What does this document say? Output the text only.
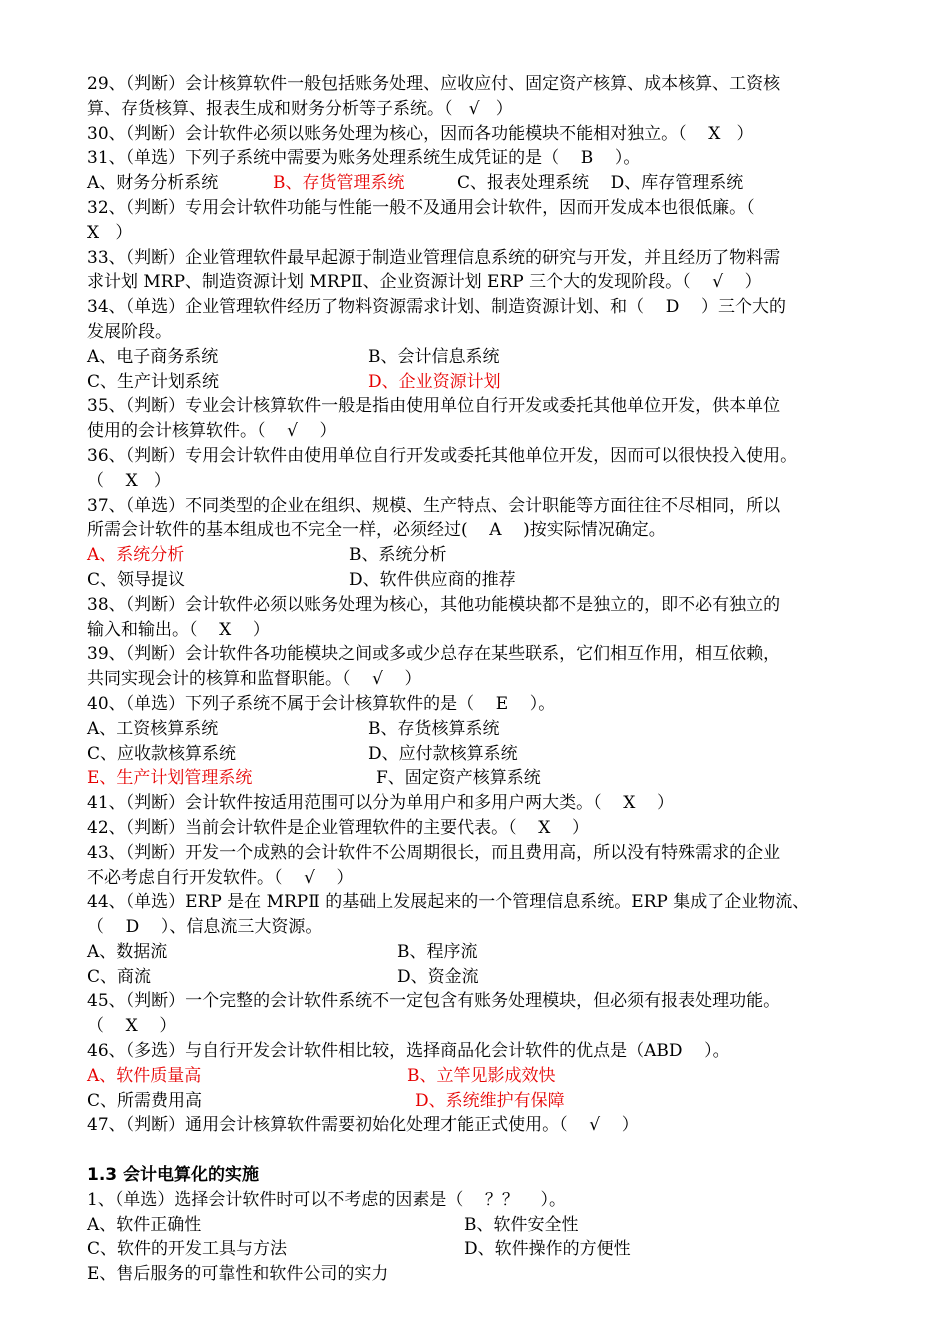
29、（判断）会计核算软件一般包括账务处理、应收应付、固定资产核算、成本核算、工资核
算、存货核算、报表生成和财务分析等子系统。（   √   ）
30、（判断）会计软件必须以账务处理为核心，因而各功能模块不能相对独立。（    X   ）
31、（单选）下列子系统中需要为账务处理系统生成凭证的是（    B    ）。
A、财务分析系统	B、存货管理系统	C、报表处理系统    D、库存管理系统
32、（判断）专用会计软件功能与性能一般不及通用会计软件，因而开发成本也很低廉。（
X   ）
33、（判断）企业管理软件最早起源于制造业管理信息系统的研究与开发，并且经历了物料需
求计划 MRP、制造资源计划 MRPⅡ、企业资源计划 ERP 三个大的发现阶段。（    √    ）
34、（单选）企业管理软件经历了物料资源需求计划、制造资源计划、和（    D    ）三个大的
发展阶段。
A、电子商务系统	B、会计信息系统
C、生产计划系统	D、企业资源计划
35、（判断）专业会计核算软件一般是指由使用单位自行开发或委托其他单位开发，供本单位
使用的会计核算软件。（    √    ）
36、（判断）专用会计软件由使用单位自行开发或委托其他单位开发，因而可以很快投入使用。
（    X   ）
37、（单选）不同类型的企业在组织、规模、生产特点、会计职能等方面往往不尽相同，所以
所需会计软件的基本组成也不完全一样，必须经过(    A    )按实际情况确定。
A、系统分析	B、系统分析
C、领导提议	D、软件供应商的推荐
38、（判断）会计软件必须以账务处理为核心，其他功能模块都不是独立的，即不必有独立的
输入和输出。（    X    ）
39、（判断）会计软件各功能模块之间或多或少总存在某些联系，它们相互作用，相互依赖，
共同实现会计的核算和监督职能。（    √    ）
40、（单选）下列子系统不属于会计核算软件的是（    E    ）。
A、工资核算系统	B、存货核算系统
C、应收款核算系统	D、应付款核算系统
E、生产计划管理系统	F、固定资产核算系统
41、（判断）会计软件按适用范围可以分为单用户和多用户两大类。（    X    ）
42、（判断）当前会计软件是企业管理软件的主要代表。（    X    ）
43、（判断）开发一个成熟的会计软件不公周期很长，而且费用高，所以没有特殊需求的企业
不必考虑自行开发软件。（    √    ）
44、（单选）ERP 是在 MRPⅡ 的基础上发展起来的一个管理信息系统。ERP 集成了企业物流、
（    D    ）、信息流三大资源。
A、数据流	B、程序流
C、商流	D、资金流
45、（判断）一个完整的会计软件系统不一定包含有账务处理模块，但必须有报表处理功能。
（    X    ）
46、（多选）与自行开发会计软件相比较，选择商品化会计软件的优点是（ABD    ）。
A、软件质量高	B、立竿见影成效快
C、所需费用高	D、系统维护有保障
47、（判断）通用会计核算软件需要初始化处理才能正式使用。（    √    ）
1.3 会计电算化的实施
1、（单选）选择会计软件时可以不考虑的因素是（    ？？    ）。
A、软件正确性	B、软件安全性
C、软件的开发工具与方法	D、软件操作的方便性
E、售后服务的可靠性和软件公司的实力
